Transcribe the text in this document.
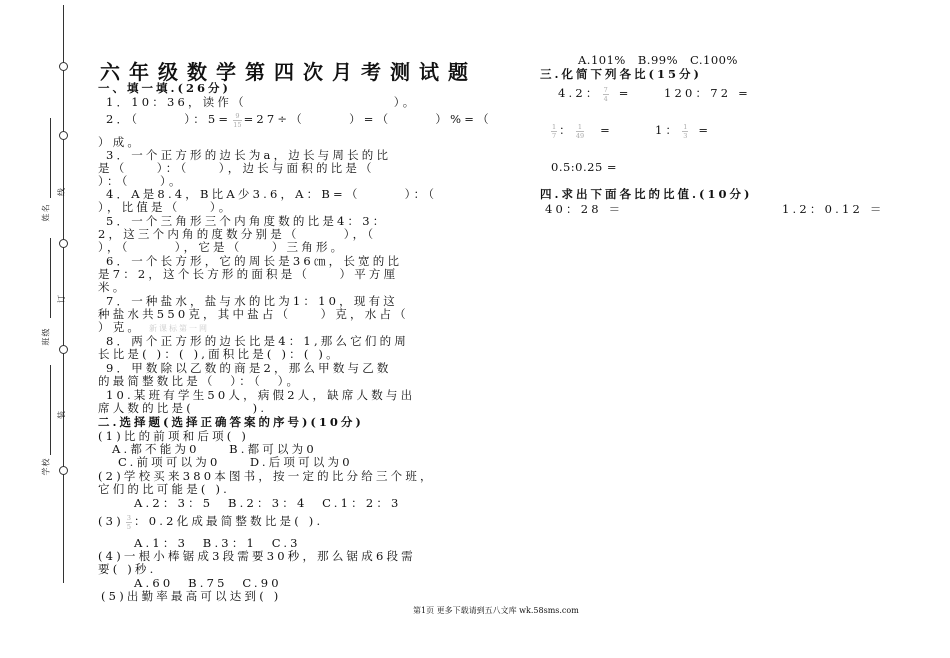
线
订
装
姓名
班级
学校
六年级数学第四次月考测试题
一、填一填.(26分)
1．10：36，读作（　　　　　　　　　　）。
2．（　　　）：$5= \frac{9}{15} =27\div$（　　　）=（　　　）%=（
）成。
3．一个正方形的边长为a，边长与周长的比
是（　　）：（　　），边长与面积的比是（
）：（　　）。
4．A是8.4，B比A少3.6，A：B=（　　　）：（
），比值是（　　）。
5．一个三角形三个内角度数的比是4：3：
2，这三个内角的度数分别是（　　　），（
），（　　　），它是（　　）三角形。
6．一个长方形，它的周长是36㎝，长宽的比
是7：2，这个长方形的面积是（　　）平方厘
米。
7．一种盐水，盐与水的比为1：10，现有这
种盐水共550克，其中盐占（　　）克，水占（
）克。 新课标第一网
8．两个正方形的边长比是4：1,那么它们的周
长比是( )：( ),面积比是( )：( )。
9．甲数除以乙数的商是2，那么甲数与乙数
的最简整数比是（　）：（　）。
10.某班有学生50人，病假2人，缺席人数与出
席人数的比是(　　　　).
二.选择题(选择正确答案的序号)(10分)
(1)比的前项和后项( )
A.都不能为0　　B.都可以为0
C.前项可以为0　　D.后项可以为0
(2)学校买来380本图书，按一定的比分给三个班，
它们的比可能是( ).
A.2：3：5　B.2：3：4　C.1：2：3
$(3) \frac{3}{5}$ ：0.2化成最简整数比是( ).
A.1：3　B.3：1　C.3
(4)一根小棒锯成3段需要30秒，那么锯成6段需
要( )秒.
A.60　B.75　C.90
(5)出勤率最高可以达到( )
A.101%　B.99%　C.100%
三.化简下列各比(15分)
4.2： $\frac{7}{4}$ =	120：72 =
$\frac{1}{7}$ ： $\frac{1}{49}$ =	1： $\frac{1}{3}$ =
0.5:0.25 =
四.求出下面各比的比值.(10分)
40：28 ＝	1.2：0.12 ＝
第1页 更多下载请到五八文库 wk.58sms.com
